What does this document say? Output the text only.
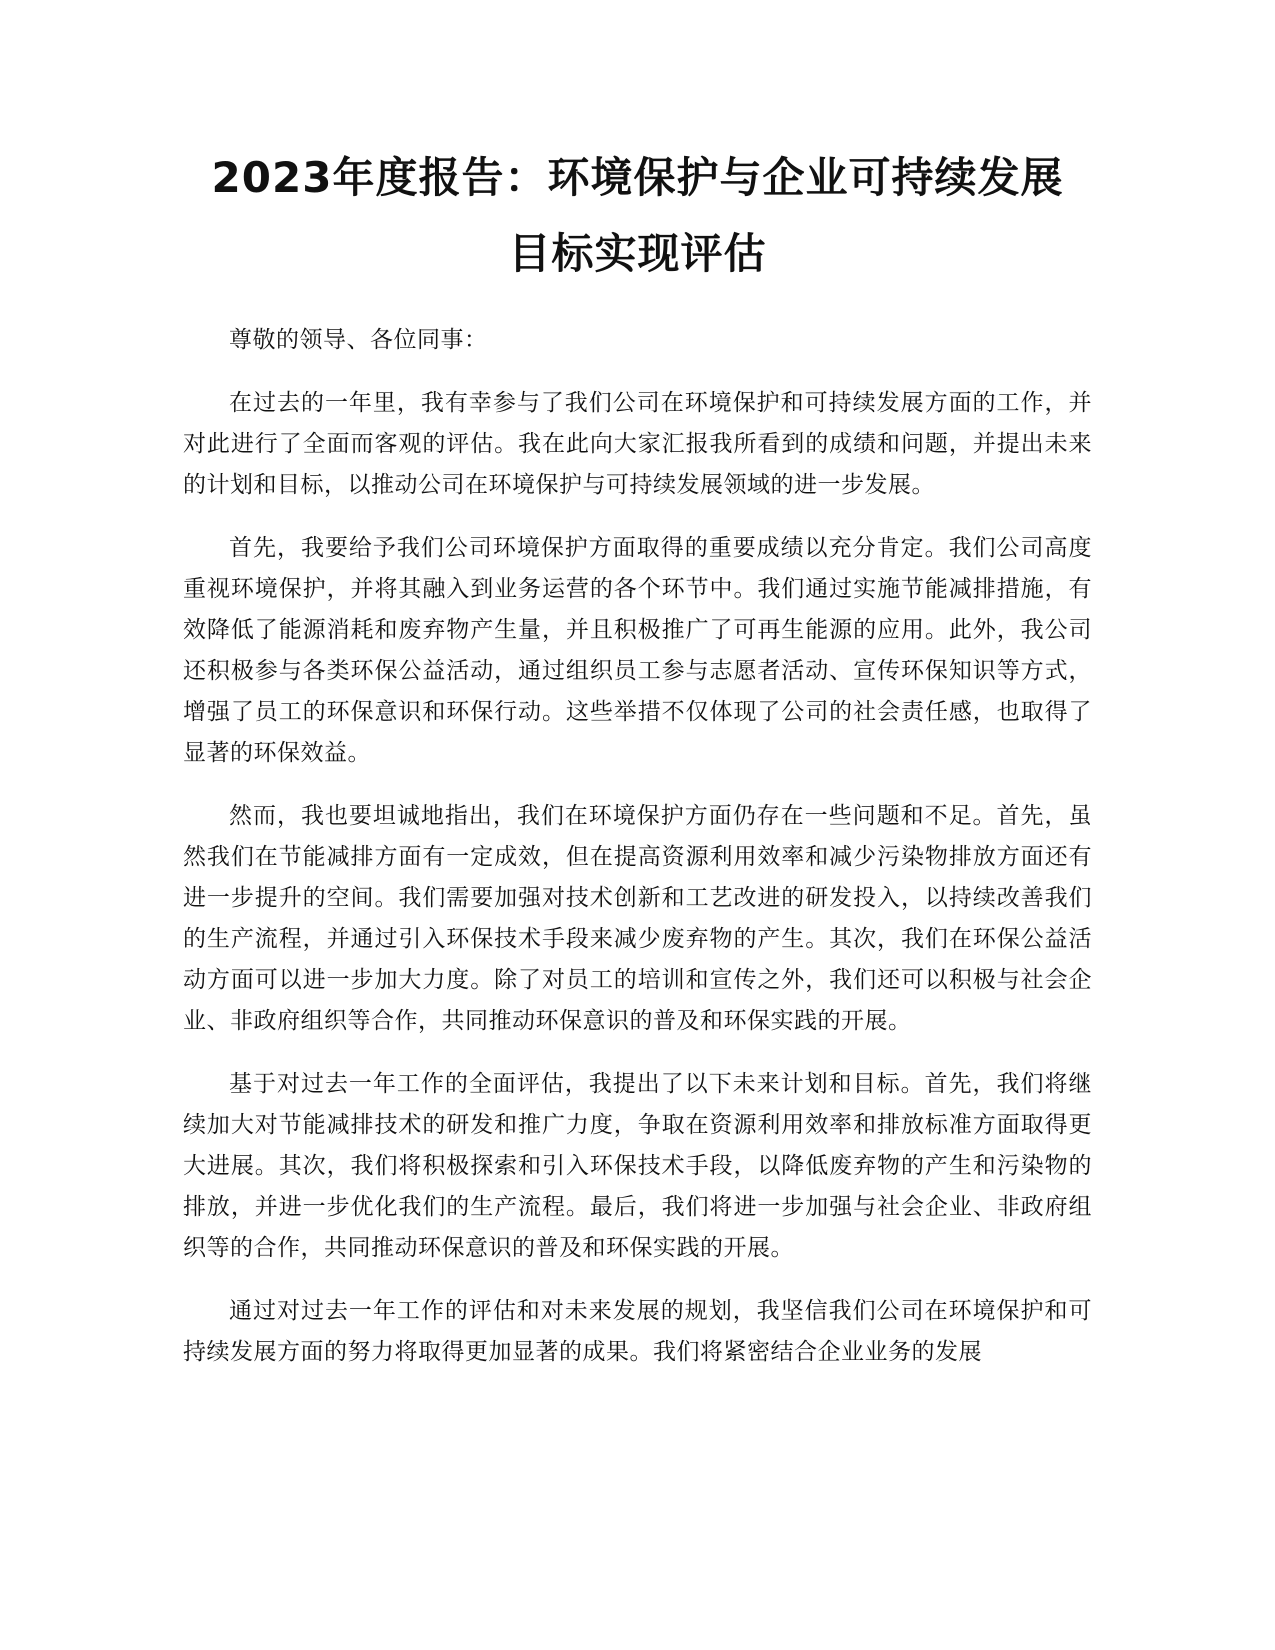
2023年度报告：环境保护与企业可持续发展
目标实现评估

尊敬的领导、各位同事：

在过去的一年里，我有幸参与了我们公司在环境保护和可持续发展方面的工作，并对此进行了全面而客观的评估。我在此向大家汇报我所看到的成绩和问题，并提出未来的计划和目标，以推动公司在环境保护与可持续发展领域的进一步发展。

首先，我要给予我们公司环境保护方面取得的重要成绩以充分肯定。我们公司高度重视环境保护，并将其融入到业务运营的各个环节中。我们通过实施节能减排措施，有效降低了能源消耗和废弃物产生量，并且积极推广了可再生能源的应用。此外，我公司还积极参与各类环保公益活动，通过组织员工参与志愿者活动、宣传环保知识等方式，增强了员工的环保意识和环保行动。这些举措不仅体现了公司的社会责任感，也取得了显著的环保效益。

然而，我也要坦诚地指出，我们在环境保护方面仍存在一些问题和不足。首先，虽然我们在节能减排方面有一定成效，但在提高资源利用效率和减少污染物排放方面还有进一步提升的空间。我们需要加强对技术创新和工艺改进的研发投入，以持续改善我们的生产流程，并通过引入环保技术手段来减少废弃物的产生。其次，我们在环保公益活动方面可以进一步加大力度。除了对员工的培训和宣传之外，我们还可以积极与社会企业、非政府组织等合作，共同推动环保意识的普及和环保实践的开展。

基于对过去一年工作的全面评估，我提出了以下未来计划和目标。首先，我们将继续加大对节能减排技术的研发和推广力度，争取在资源利用效率和排放标准方面取得更大进展。其次，我们将积极探索和引入环保技术手段，以降低废弃物的产生和污染物的排放，并进一步优化我们的生产流程。最后，我们将进一步加强与社会企业、非政府组织等的合作，共同推动环保意识的普及和环保实践的开展。

通过对过去一年工作的评估和对未来发展的规划，我坚信我们公司在环境保护和可持续发展方面的努力将取得更加显著的成果。我们将紧密结合企业业务的发展
